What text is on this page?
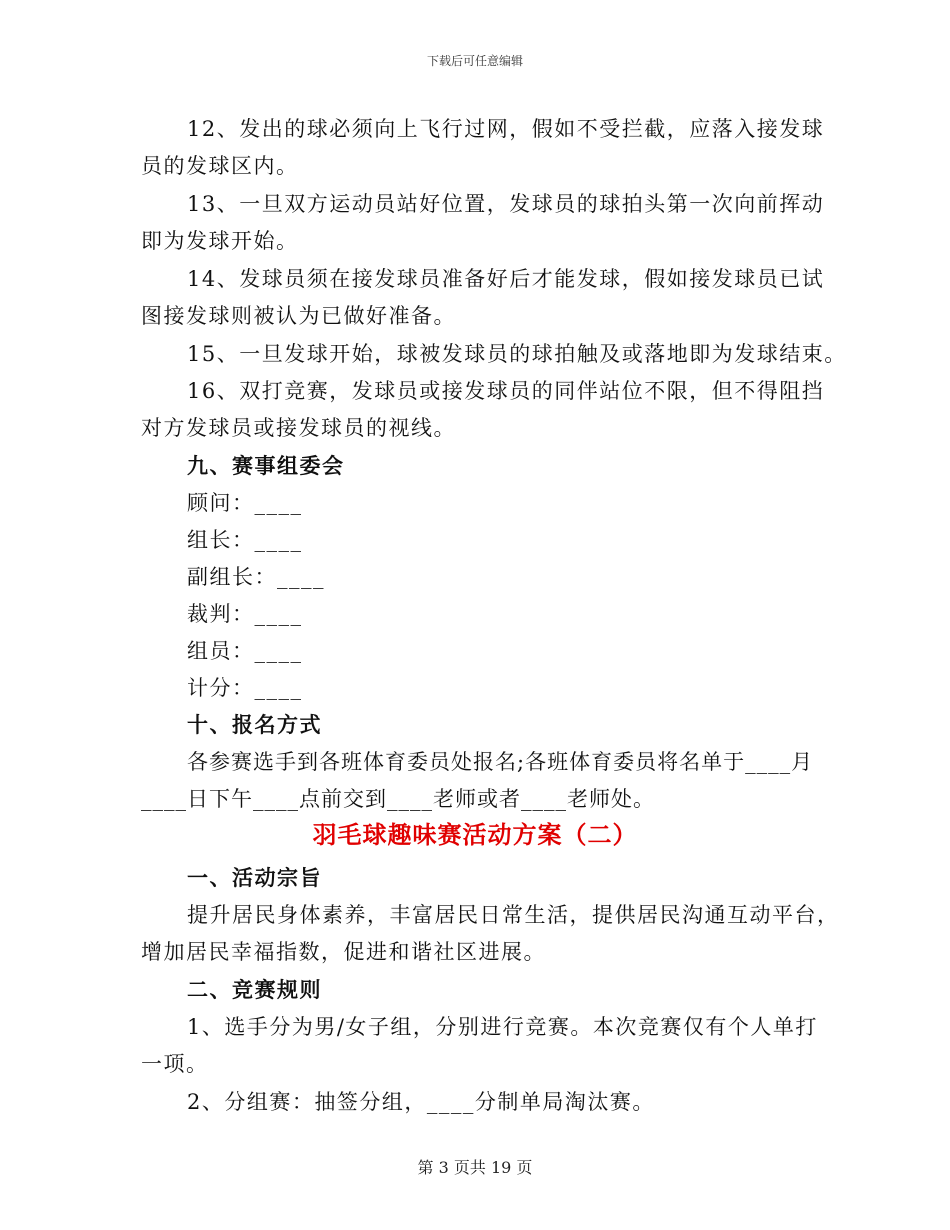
下载后可任意编辑
12、发出的球必须向上飞行过网，假如不受拦截，应落入接发球
员的发球区内。
13、一旦双方运动员站好位置，发球员的球拍头第一次向前挥动
即为发球开始。
14、发球员须在接发球员准备好后才能发球，假如接发球员已试
图接发球则被认为已做好准备。
15、一旦发球开始，球被发球员的球拍触及或落地即为发球结束。
16、双打竞赛，发球员或接发球员的同伴站位不限，但不得阻挡
对方发球员或接发球员的视线。
九、赛事组委会
顾问：____
组长：____
副组长：____
裁判：____
组员：____
计分：____
十、报名方式
各参赛选手到各班体育委员处报名;各班体育委员将名单于____月
____日下午____点前交到____老师或者____老师处。
羽毛球趣味赛活动方案（二）
一、活动宗旨
提升居民身体素养，丰富居民日常生活，提供居民沟通互动平台，
增加居民幸福指数，促进和谐社区进展。
二、竞赛规则
1、选手分为男/女子组，分别进行竞赛。本次竞赛仅有个人单打
一项。
2、分组赛：抽签分组，____分制单局淘汰赛。
第 3 页共 19 页
